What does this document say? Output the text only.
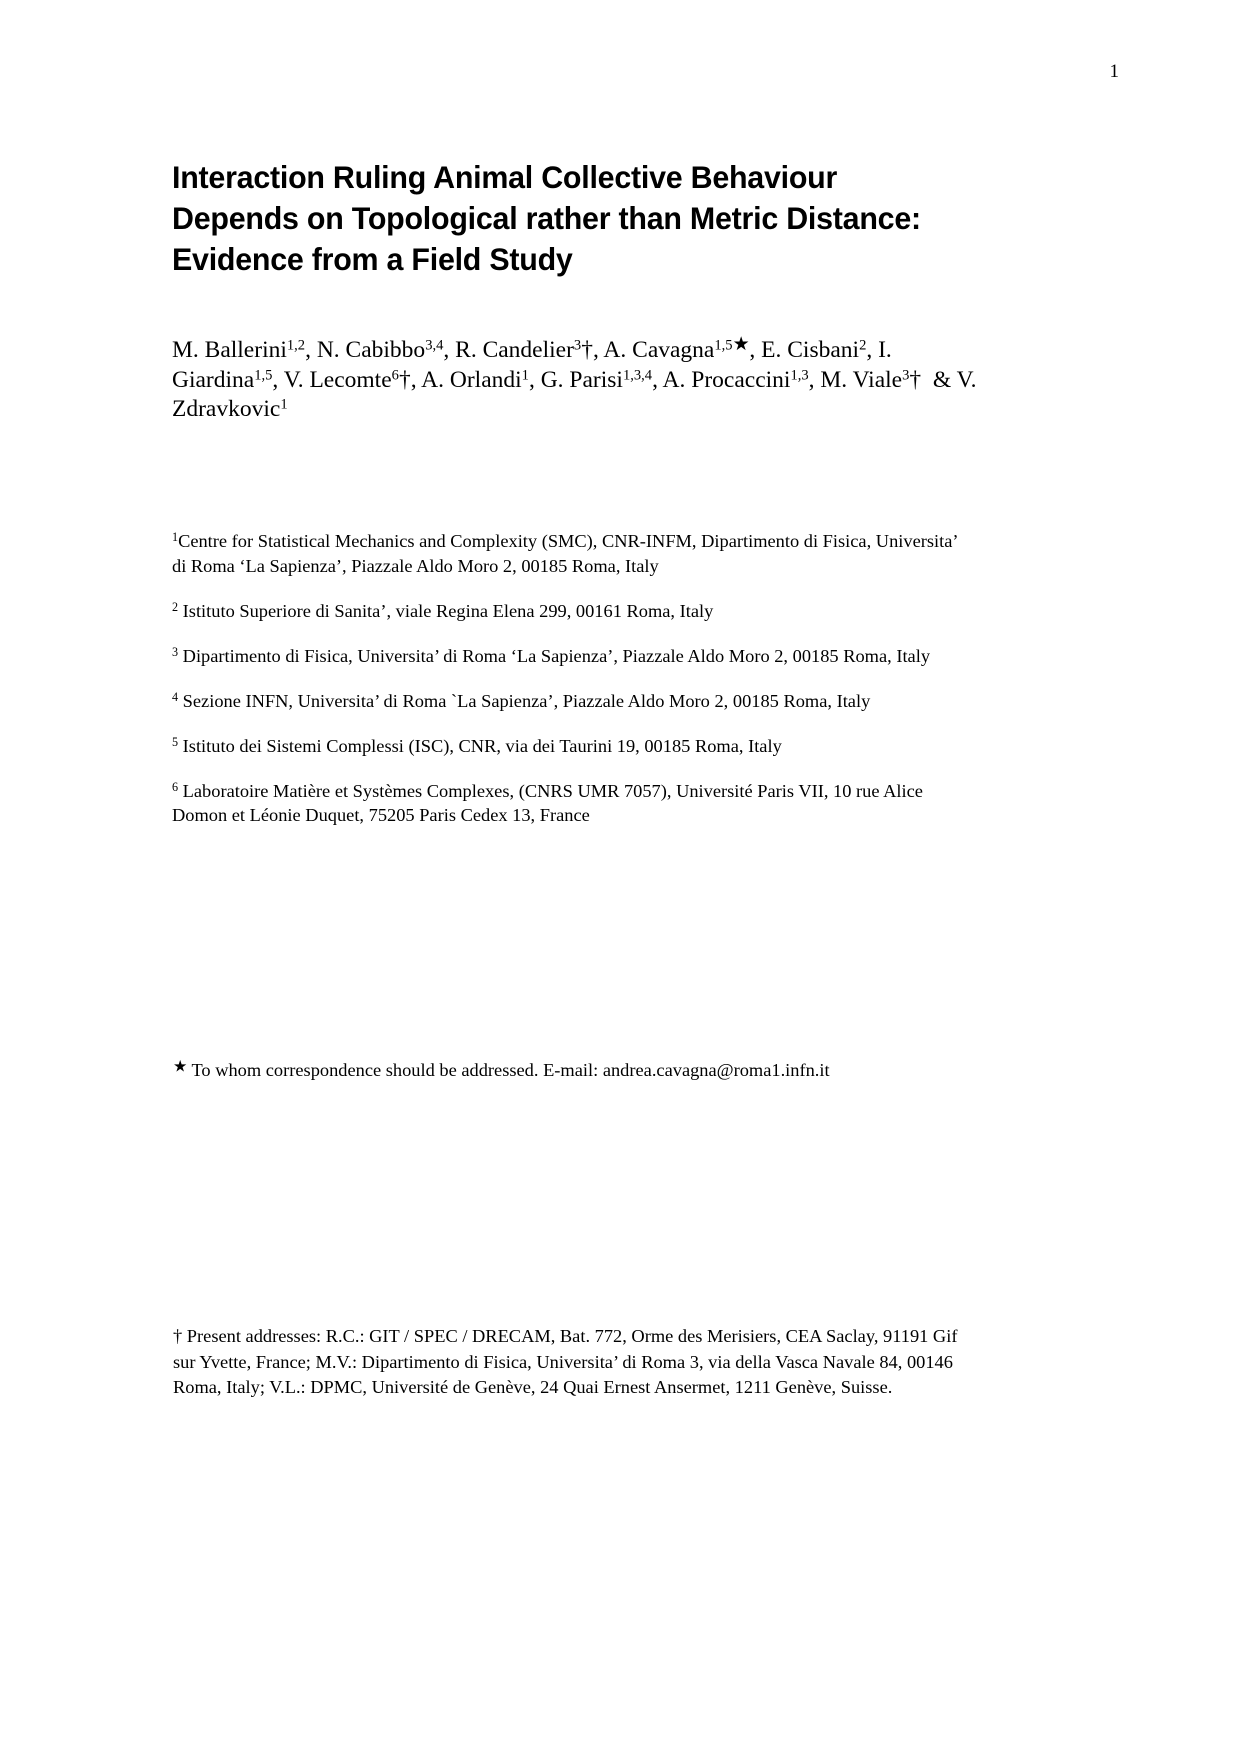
1
Interaction Ruling Animal Collective Behaviour
Depends on Topological rather than Metric Distance:
Evidence from a Field Study
M. Ballerini$^{1,2}$, N. Cabibbo$^{3,4}$, R. Candelier$^3$†, A. Cavagna$^{1,5★}$, E. Cisbani$^2$, I. Giardina$^{1,5}$, V. Lecomte$^6$†, A. Orlandi$^1$, G. Parisi$^{1,3,4}$, A. Procaccini$^{1,3}$, M. Viale$^3$†  & V. Zdravkovic$^1$
$^1$Centre for Statistical Mechanics and Complexity (SMC), CNR-INFM, Dipartimento di Fisica, Universita’ di Roma ‘La Sapienza’, Piazzale Aldo Moro 2, 00185 Roma, Italy
$^2$ Istituto Superiore di Sanita’, viale Regina Elena 299, 00161 Roma, Italy
$^3$ Dipartimento di Fisica, Universita’ di Roma ‘La Sapienza’, Piazzale Aldo Moro 2, 00185 Roma, Italy
$^4$ Sezione INFN, Universita’ di Roma `La Sapienza’, Piazzale Aldo Moro 2, 00185 Roma, Italy
$^5$ Istituto dei Sistemi Complessi (ISC), CNR, via dei Taurini 19, 00185 Roma, Italy
$^6$ Laboratoire Matière et Systèmes Complexes, (CNRS UMR 7057), Université Paris VII, 10 rue Alice Domon et Léonie Duquet, 75205 Paris Cedex 13, France
★ To whom correspondence should be addressed. E-mail: andrea.cavagna@roma1.infn.it
† Present addresses: R.C.: GIT / SPEC / DRECAM, Bat. 772, Orme des Merisiers, CEA Saclay, 91191 Gif sur Yvette, France; M.V.: Dipartimento di Fisica, Universita’ di Roma 3, via della Vasca Navale 84, 00146 Roma, Italy; V.L.: DPMC, Université de Genève, 24 Quai Ernest Ansermet, 1211 Genève, Suisse.
